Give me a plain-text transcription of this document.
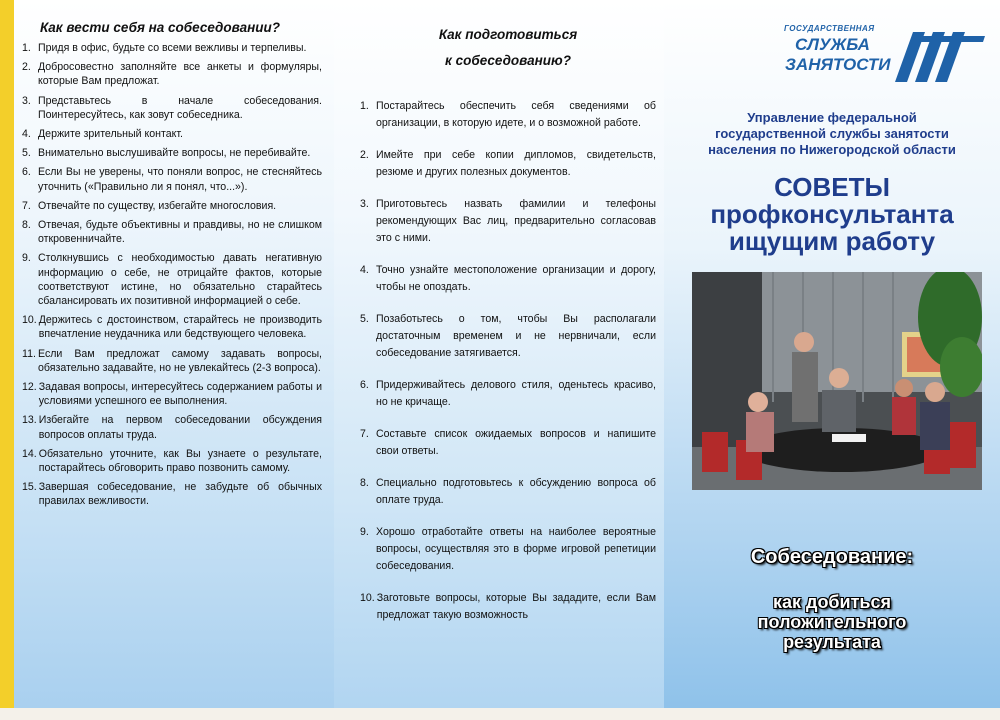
Как вести себя на собеседовании?
1. Придя в офис, будьте со всеми вежливы и терпеливы.
2. Добросовестно заполняйте все анкеты и формуляры, которые Вам предложат.
3. Представьтесь в начале собеседования. Поинтересуйтесь, как зовут собеседника.
4. Держите зрительный контакт.
5. Внимательно выслушивайте вопросы, не перебивайте.
6. Если Вы не уверены, что поняли вопрос, не стесняйтесь уточнить («Правильно ли я понял, что...»).
7. Отвечайте по существу, избегайте многословия.
8. Отвечая, будьте объективны и правдивы, но не слишком откровенничайте.
9. Столкнувшись с необходимостью давать негативную информацию о себе, не отрицайте фактов, которые соответствуют истине, но обязательно старайтесь сбалансировать их позитивной информацией о себе.
10. Держитесь с достоинством, старайтесь не производить впечатление неудачника или бедствующего человека.
11. Если Вам предложат самому задавать вопросы, обязательно задавайте, но не увлекайтесь (2-3 вопроса).
12. Задавая вопросы, интересуйтесь содержанием работы и условиями успешного ее выполнения.
13. Избегайте на первом собеседовании обсуждения вопросов оплаты труда.
14. Обязательно уточните, как Вы узнаете о результате, постарайтесь обговорить право позвонить самому.
15. Завершая собеседование, не забудьте об обычных правилах вежливости.
Как подготовиться
к собеседованию?
1. Постарайтесь обеспечить себя сведениями об организации, в которую идете, и о возможной работе.
2. Имейте при себе копии дипломов, свидетельств, резюме и других полезных документов.
3. Приготовьтесь назвать фамилии и телефоны рекомендующих Вас лиц, предварительно согласовав это с ними.
4. Точно узнайте местоположение организации и дорогу, чтобы не опоздать.
5. Позаботьтесь о том, чтобы Вы располагали достаточным временем и не нервничали, если собеседование затягивается.
6. Придерживайтесь делового стиля, оденьтесь красиво, но не кричаще.
7. Составьте список ожидаемых вопросов и напишите свои ответы.
8. Специально подготовьтесь к обсуждению вопроса об оплате труда.
9. Хорошо отработайте ответы на наиболее вероятные вопросы, осуществляя это в форме игровой репетиции собеседования.
10. Заготовьте вопросы, которые Вы зададите, если Вам предложат такую возможность
ГОСУДАРСТВЕННАЯ
СЛУЖБА
ЗАНЯТОСТИ
Управление федеральной
государственной службы занятости
населения по Нижегородской области
СОВЕТЫ
профконсультанта
ищущим работу
Собеседование:
как добиться
положительного
результата
